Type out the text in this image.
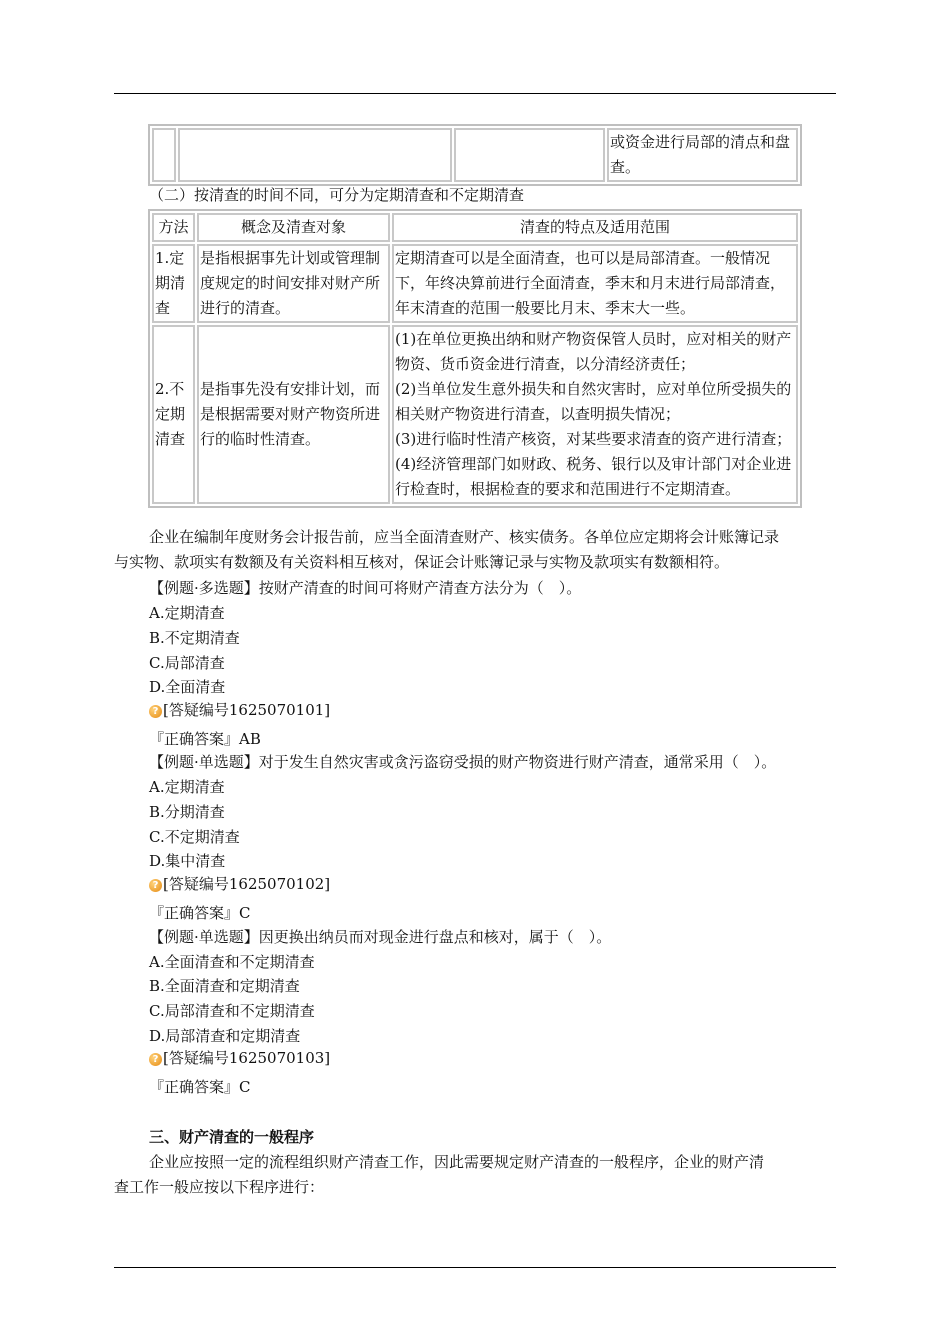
			或资金进行局部的清点和盘查。
（二）按清查的时间不同，可分为定期清查和不定期清查
方法	概念及清查对象	清查的特点及适用范围
1.定期清查	是指根据事先计划或管理制度规定的时间安排对财产所进行的清查。	定期清查可以是全面清查，也可以是局部清查。一般情况下，年终决算前进行全面清查，季末和月末进行局部清查，年末清查的范围一般要比月末、季末大一些。
2.不定期清查	是指事先没有安排计划，而是根据需要对财产物资所进行的临时性清查。	(1)在单位更换出纳和财产物资保管人员时，应对相关的财产物资、货币资金进行清查，以分清经济责任；
(2)当单位发生意外损失和自然灾害时，应对单位所受损失的相关财产物资进行清查，以查明损失情况；
(3)进行临时性清产核资，对某些要求清查的资产进行清查；
(4)经济管理部门如财政、税务、银行以及审计部门对企业进行检查时，根据检查的要求和范围进行不定期清查。
企业在编制年度财务会计报告前，应当全面清查财产、核实债务。各单位应定期将会计账簿记录
与实物、款项实有数额及有关资料相互核对，保证会计账簿记录与实物及款项实有数额相符。
【例题·多选题】按财产清查的时间可将财产清查方法分为（　）。
A.定期清查
B.不定期清查
C.局部清查
D.全面清查
? [答疑编号1625070101]
『正确答案』AB
【例题·单选题】对于发生自然灾害或贪污盗窃受损的财产物资进行财产清查，通常采用（　）。
A.定期清查
B.分期清查
C.不定期清查
D.集中清查
? [答疑编号1625070102]
『正确答案』C
【例题·单选题】因更换出纳员而对现金进行盘点和核对，属于（　）。
A.全面清查和不定期清查
B.全面清查和定期清查
C.局部清查和不定期清查
D.局部清查和定期清查
? [答疑编号1625070103]
『正确答案』C
三、财产清查的一般程序
企业应按照一定的流程组织财产清查工作，因此需要规定财产清查的一般程序，企业的财产清
查工作一般应按以下程序进行：
